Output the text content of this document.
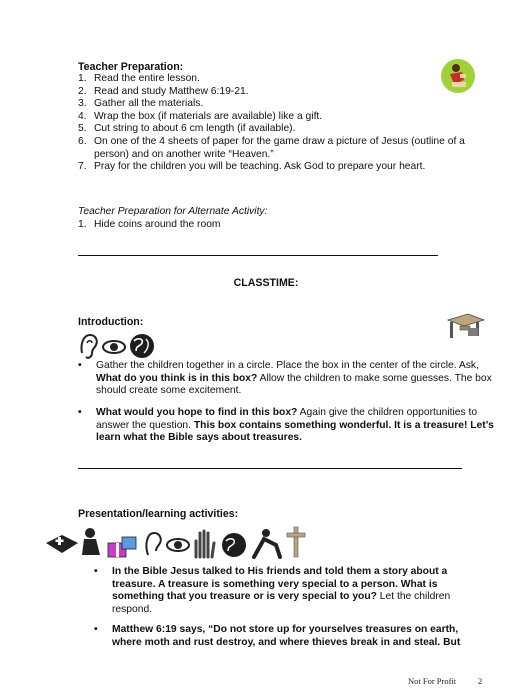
Teacher Preparation:
1. Read the entire lesson.
2. Read and study Matthew 6:19-21.
3. Gather all the materials.
4. Wrap the box (if materials are available) like a gift.
5. Cut string to about 6 cm length (if available).
6. On one of the 4 sheets of paper for the game draw a picture of Jesus (outline of a person) and on another write “Heaven.”
7. Pray for the children you will be teaching. Ask God to prepare your heart.
Teacher Preparation for Alternate Activity:
1. Hide coins around the room
CLASSTIME:
Introduction:
•	Gather the children together in a circle. Place the box in the center of the circle. Ask, What do you think is in this box? Allow the children to make some guesses. The box should create some excitement.
•	What would you hope to find in this box? Again give the children opportunities to answer the question. This box contains something wonderful. It is a treasure! Let’s learn what the Bible says about treasures.
Presentation/learning activities:
•	In the Bible Jesus talked to His friends and told them a story about a treasure. A treasure is something very special to a person. What is something that you treasure or is very special to you? Let the children respond.
•	Matthew 6:19 says, “Do not store up for yourselves treasures on earth, where moth and rust destroy, and where thieves break in and steal. But
Not For Profit	2
